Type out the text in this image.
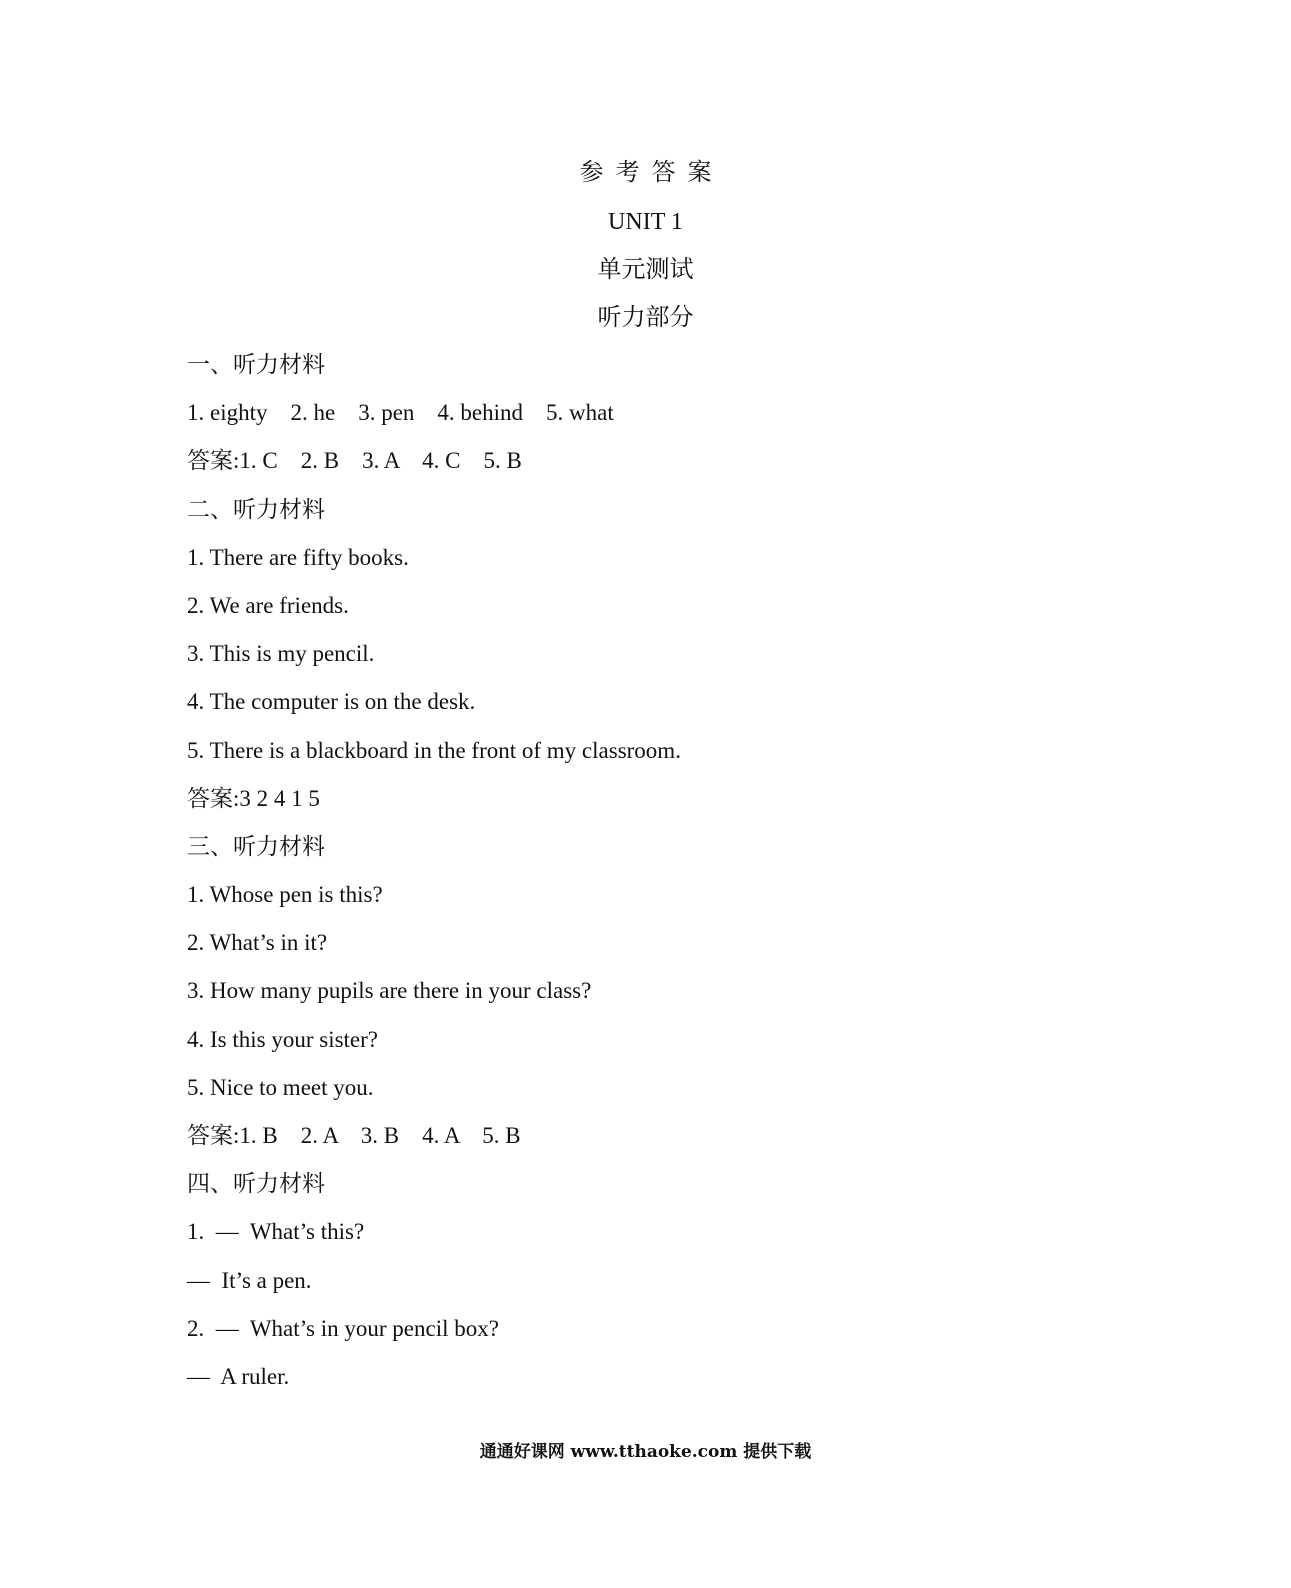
参考答案
UNIT 1
单元测试
听力部分
一、听力材料
1. eighty    2. he    3. pen    4. behind    5. what
答案:1. C    2. B    3. A    4. C    5. B
二、听力材料
1. There are fifty books.
2. We are friends.
3. This is my pencil.
4. The computer is on the desk.
5. There is a blackboard in the front of my classroom.
答案:3 2 4 1 5
三、听力材料
1. Whose pen is this?
2. What’s in it?
3. How many pupils are there in your class?
4. Is this your sister?
5. Nice to meet you.
答案:1. B    2. A    3. B    4. A    5. B
四、听力材料
1.  —  What’s this?
—  It’s a pen.
2.  —  What’s in your pencil box?
—  A ruler.
通通好课网 www.tthaoke.com 提供下载
